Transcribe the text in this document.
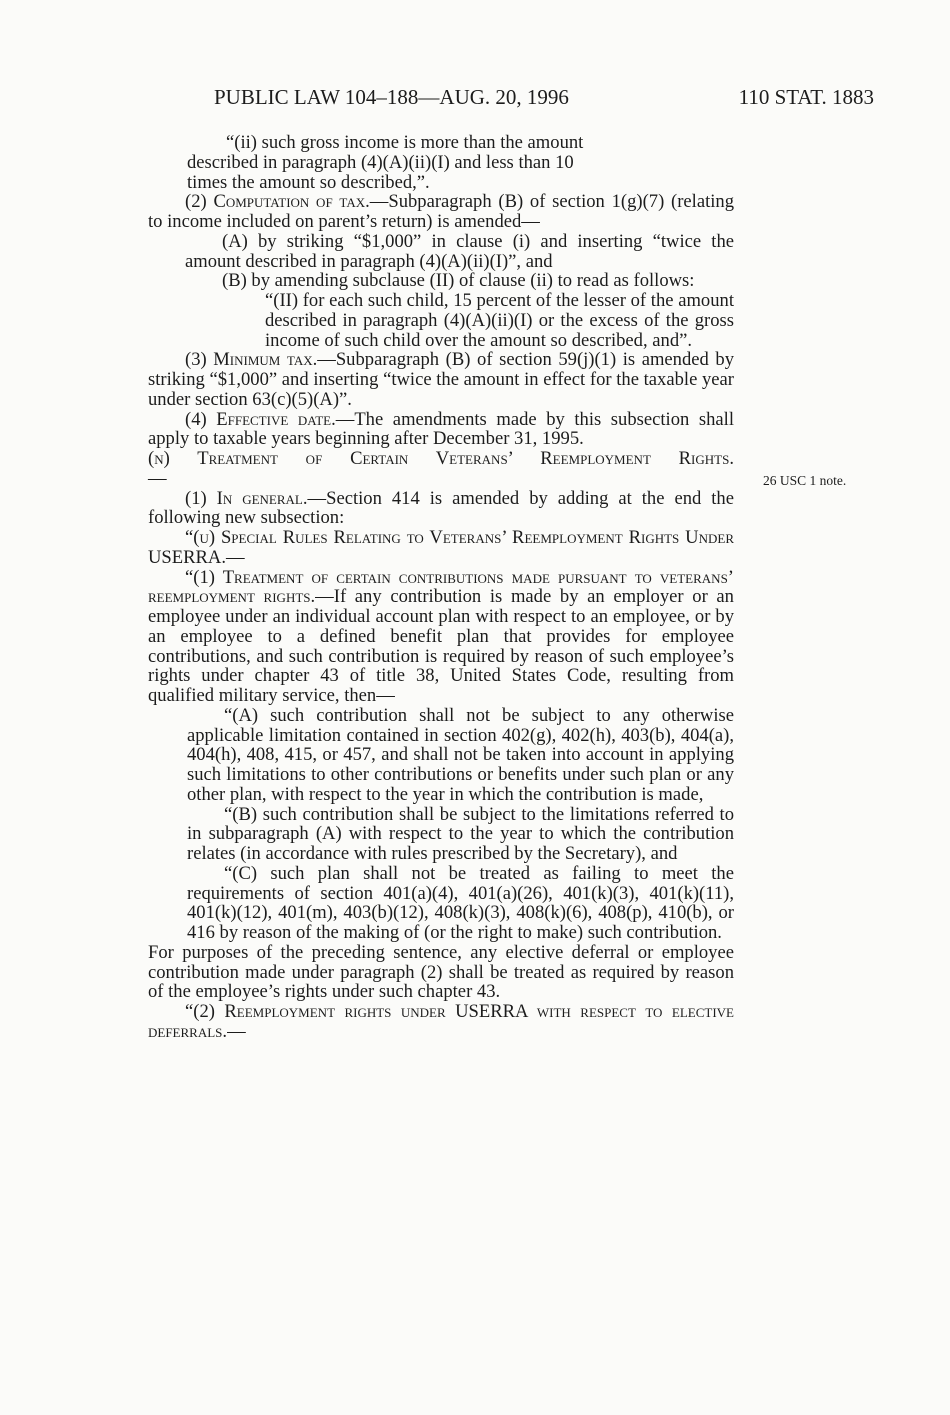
PUBLIC LAW 104–188—AUG. 20, 1996	110 STAT. 1883
26 USC 1 note.

“(ii) such gross income is more than the amount
described in paragraph (4)(A)(ii)(I) and less than 10
times the amount so described,”.

(2) Computation of tax.—Subparagraph (B) of section 1(g)(7) (relating to income included on parent’s return) is amended—

(A) by striking “$1,000” in clause (i) and inserting “twice the amount described in paragraph (4)(A)(ii)(I)”, and

(B) by amending subclause (II) of clause (ii) to read as follows:

“(II) for each such child, 15 percent of the lesser of the amount described in paragraph (4)(A)(ii)(I) or the excess of the gross income of such child over the amount so described, and”.

(3) Minimum tax.—Subparagraph (B) of section 59(j)(1) is amended by striking “$1,000” and inserting “twice the amount in effect for the taxable year under section 63(c)(5)(A)”.

(4) Effective date.—The amendments made by this subsection shall apply to taxable years beginning after December 31, 1995.

(n) Treatment of Certain Veterans’ Reemployment Rights.—

(1) In general.—Section 414 is amended by adding at the end the following new subsection:

“(u) Special Rules Relating to Veterans’ Reemployment Rights Under USERRA.—

“(1) Treatment of certain contributions made pursuant to veterans’ reemployment rights.—If any contribution is made by an employer or an employee under an individual account plan with respect to an employee, or by an employee to a defined benefit plan that provides for employee contributions, and such contribution is required by reason of such employee’s rights under chapter 43 of title 38, United States Code, resulting from qualified military service, then—

“(A) such contribution shall not be subject to any otherwise applicable limitation contained in section 402(g), 402(h), 403(b), 404(a), 404(h), 408, 415, or 457, and shall not be taken into account in applying such limitations to other contributions or benefits under such plan or any other plan, with respect to the year in which the contribution is made,

“(B) such contribution shall be subject to the limitations referred to in subparagraph (A) with respect to the year to which the contribution relates (in accordance with rules prescribed by the Secretary), and

“(C) such plan shall not be treated as failing to meet the requirements of section 401(a)(4), 401(a)(26), 401(k)(3), 401(k)(11), 401(k)(12), 401(m), 403(b)(12), 408(k)(3), 408(k)(6), 408(p), 410(b), or 416 by reason of the making of (or the right to make) such contribution.

For purposes of the preceding sentence, any elective deferral or employee contribution made under paragraph (2) shall be treated as required by reason of the employee’s rights under such chapter 43.

“(2) Reemployment rights under USERRA with respect to elective deferrals.—
